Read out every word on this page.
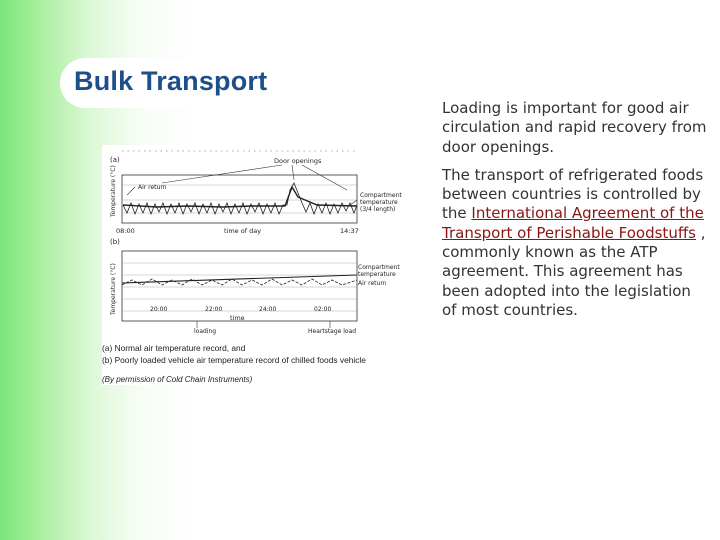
Bulk Transport
(a)
Temperature (°C)
Door openings
Air return
Compartment temperature (3/4 length)
08:00	time of day	14:37
(b)
Temperature (°C)	Compartment temperature
Air return
20:00	22:00	24:00	02:00
time
loading	Heartstage load
(a) Normal air temperature record, and
(b) Poorly loaded vehicle air temperature record of chilled foods vehicle
(By permission of Cold Chain Instruments)

Loading is important for good air circulation and rapid recovery from door openings.

The transport of refrigerated foods between countries is controlled by the International Agreement of the Transport of Perishable Foodstuffs , commonly known as the ATP agreement. This agreement has been adopted into the legislation of most countries.
